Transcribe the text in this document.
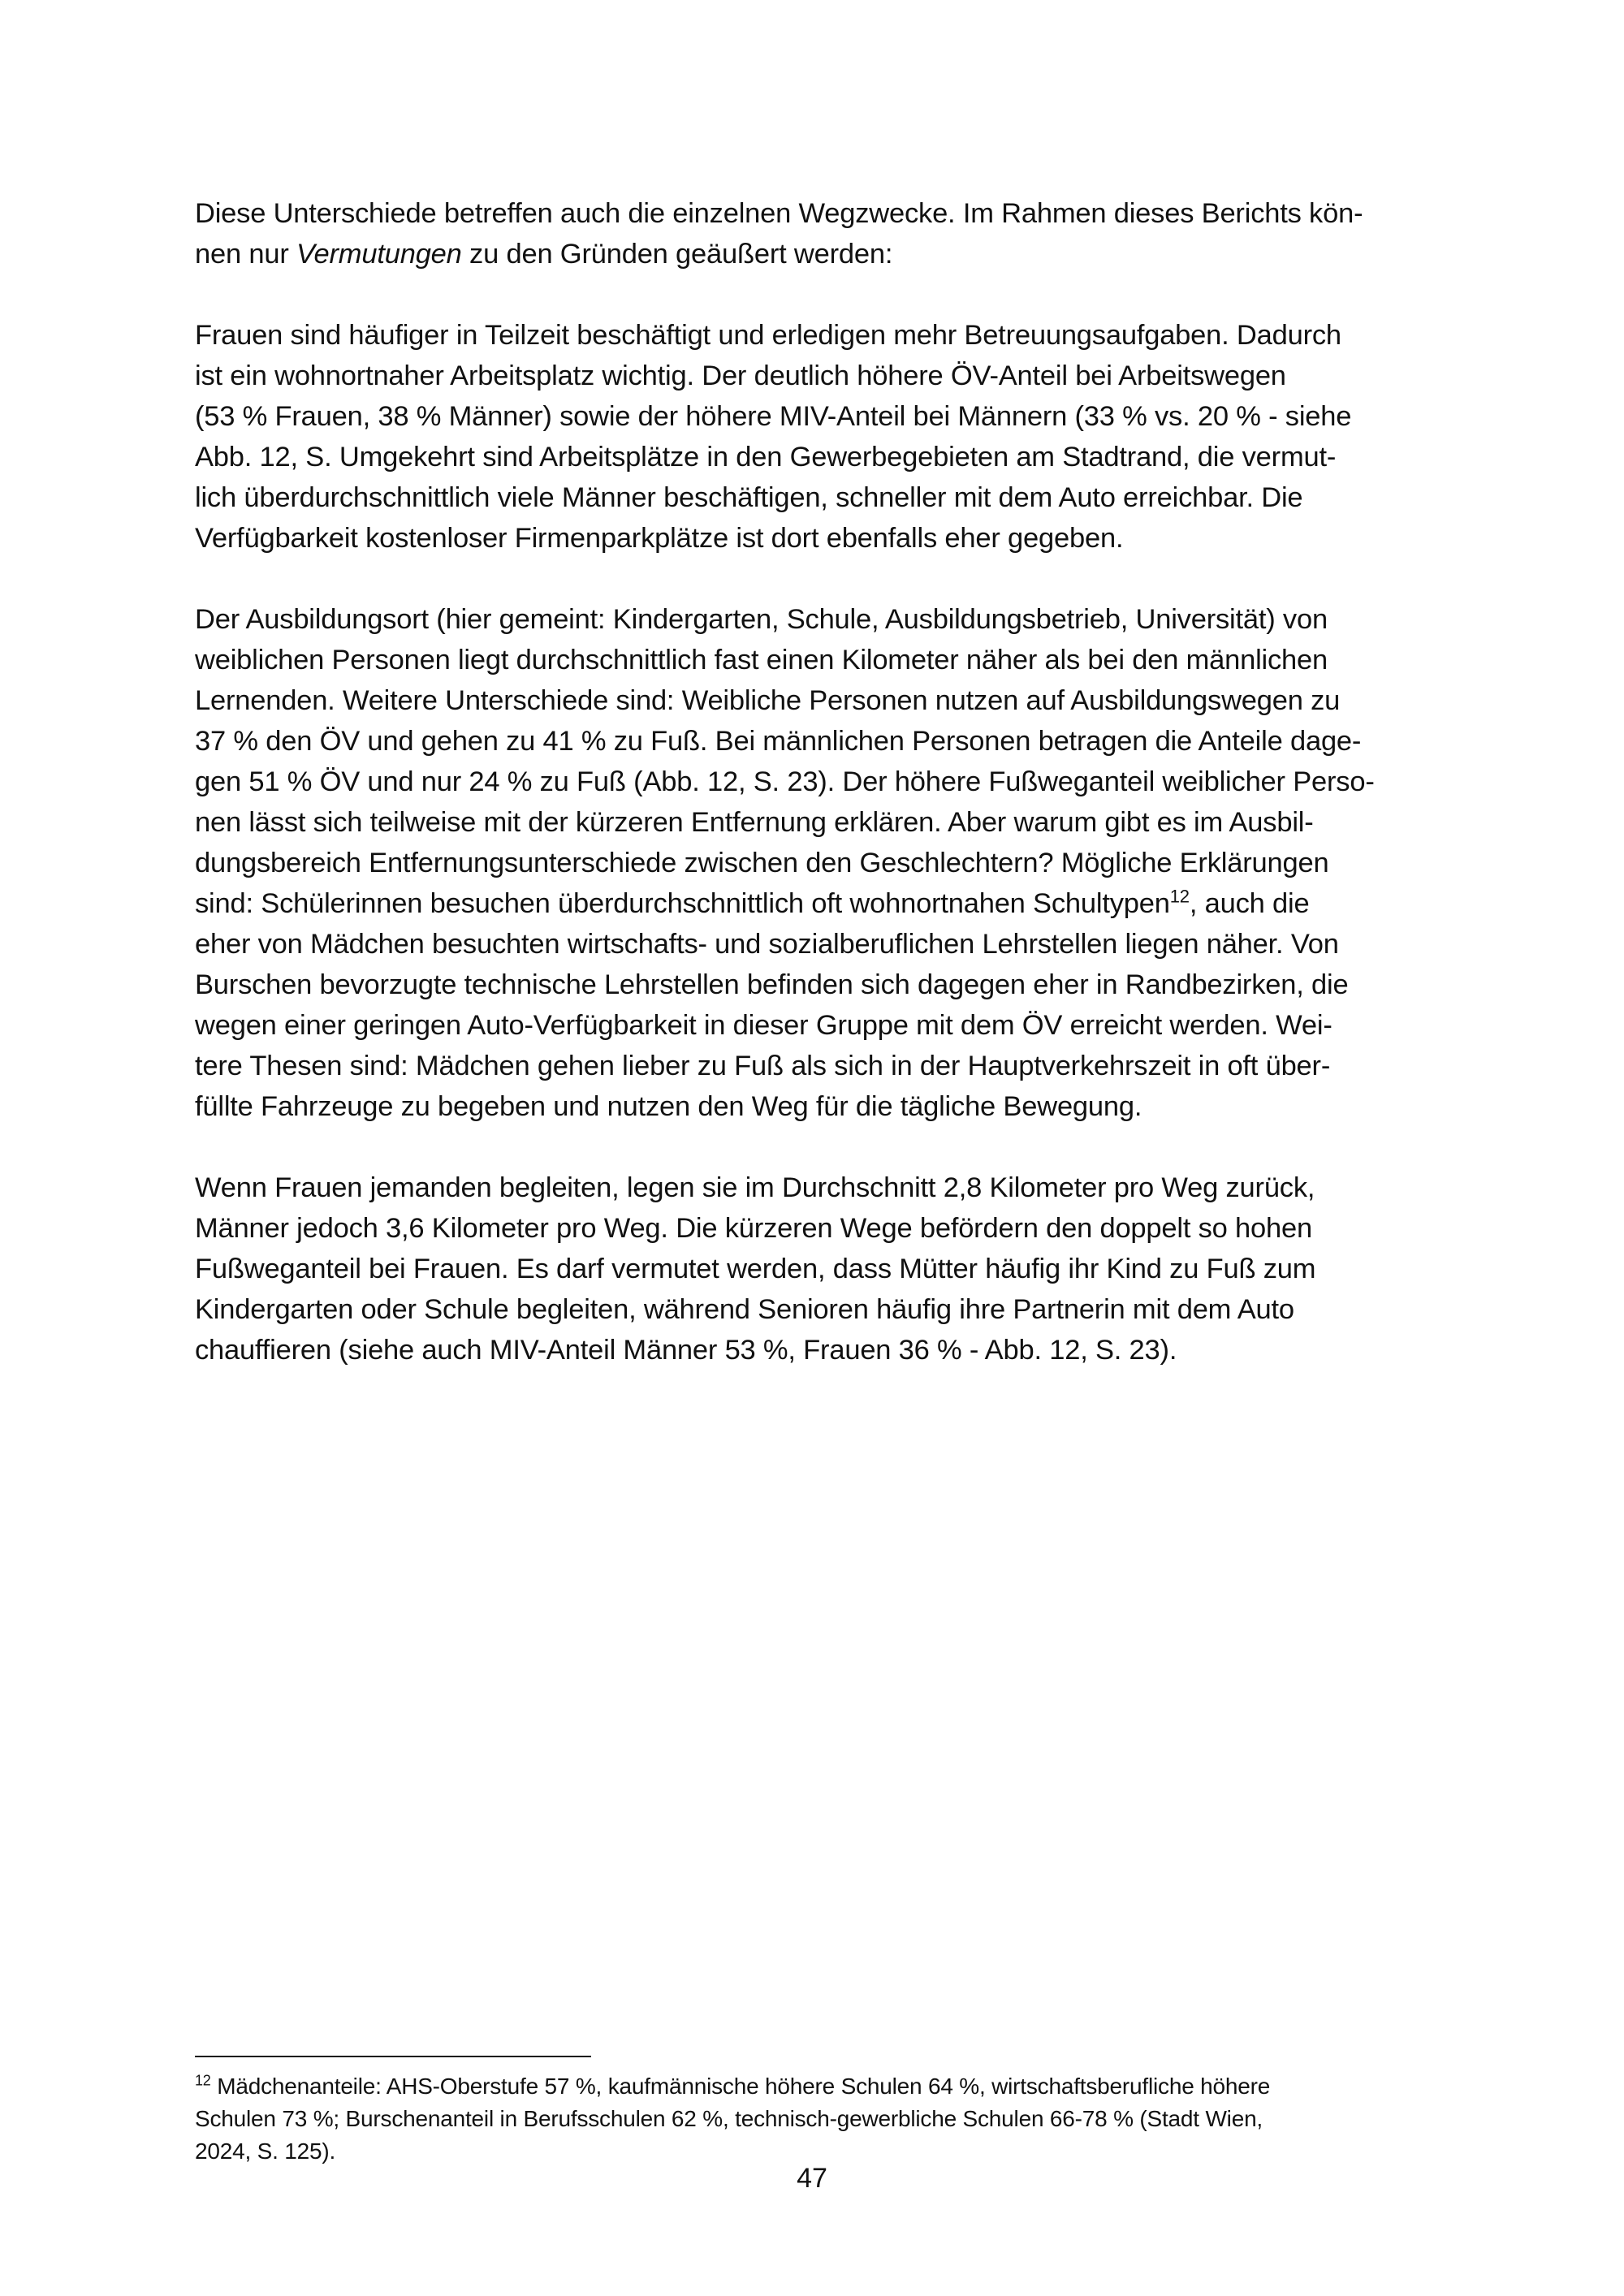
Diese Unterschiede betreffen auch die einzelnen Wegzwecke. Im Rahmen dieses Berichts kön-
nen nur Vermutungen zu den Gründen geäußert werden:
Frauen sind häufiger in Teilzeit beschäftigt und erledigen mehr Betreuungsaufgaben. Dadurch
ist ein wohnortnaher Arbeitsplatz wichtig. Der deutlich höhere ÖV-Anteil bei Arbeitswegen
(53 % Frauen, 38 % Männer) sowie der höhere MIV-Anteil bei Männern (33 % vs. 20 % - siehe
Abb. 12, S. Umgekehrt sind Arbeitsplätze in den Gewerbegebieten am Stadtrand, die vermut-
lich überdurchschnittlich viele Männer beschäftigen, schneller mit dem Auto erreichbar. Die
Verfügbarkeit kostenloser Firmenparkplätze ist dort ebenfalls eher gegeben.
Der Ausbildungsort (hier gemeint: Kindergarten, Schule, Ausbildungsbetrieb, Universität) von
weiblichen Personen liegt durchschnittlich fast einen Kilometer näher als bei den männlichen
Lernenden. Weitere Unterschiede sind: Weibliche Personen nutzen auf Ausbildungswegen zu
37 % den ÖV und gehen zu 41 % zu Fuß. Bei männlichen Personen betragen die Anteile dage-
gen 51 % ÖV und nur 24 % zu Fuß (Abb. 12, S. 23). Der höhere Fußweganteil weiblicher Perso-
nen lässt sich teilweise mit der kürzeren Entfernung erklären. Aber warum gibt es im Ausbil-
dungsbereich Entfernungsunterschiede zwischen den Geschlechtern? Mögliche Erklärungen
sind: Schülerinnen besuchen überdurchschnittlich oft wohnortnahen Schultypen$^{12}$, auch die
eher von Mädchen besuchten wirtschafts- und sozialberuflichen Lehrstellen liegen näher. Von
Burschen bevorzugte technische Lehrstellen befinden sich dagegen eher in Randbezirken, die
wegen einer geringen Auto-Verfügbarkeit in dieser Gruppe mit dem ÖV erreicht werden. Wei-
tere Thesen sind: Mädchen gehen lieber zu Fuß als sich in der Hauptverkehrszeit in oft über-
füllte Fahrzeuge zu begeben und nutzen den Weg für die tägliche Bewegung.
Wenn Frauen jemanden begleiten, legen sie im Durchschnitt 2,8 Kilometer pro Weg zurück,
Männer jedoch 3,6 Kilometer pro Weg. Die kürzeren Wege befördern den doppelt so hohen
Fußweganteil bei Frauen. Es darf vermutet werden, dass Mütter häufig ihr Kind zu Fuß zum
Kindergarten oder Schule begleiten, während Senioren häufig ihre Partnerin mit dem Auto
chauffieren (siehe auch MIV-Anteil Männer 53 %, Frauen 36 % - Abb. 12, S. 23).
$^{12}$ Mädchenanteile: AHS-Oberstufe 57 %, kaufmännische höhere Schulen 64 %, wirtschaftsberufliche höhere
Schulen 73 %; Burschenanteil in Berufsschulen 62 %, technisch-gewerbliche Schulen 66-78 % (Stadt Wien,
2024, S. 125).
47
